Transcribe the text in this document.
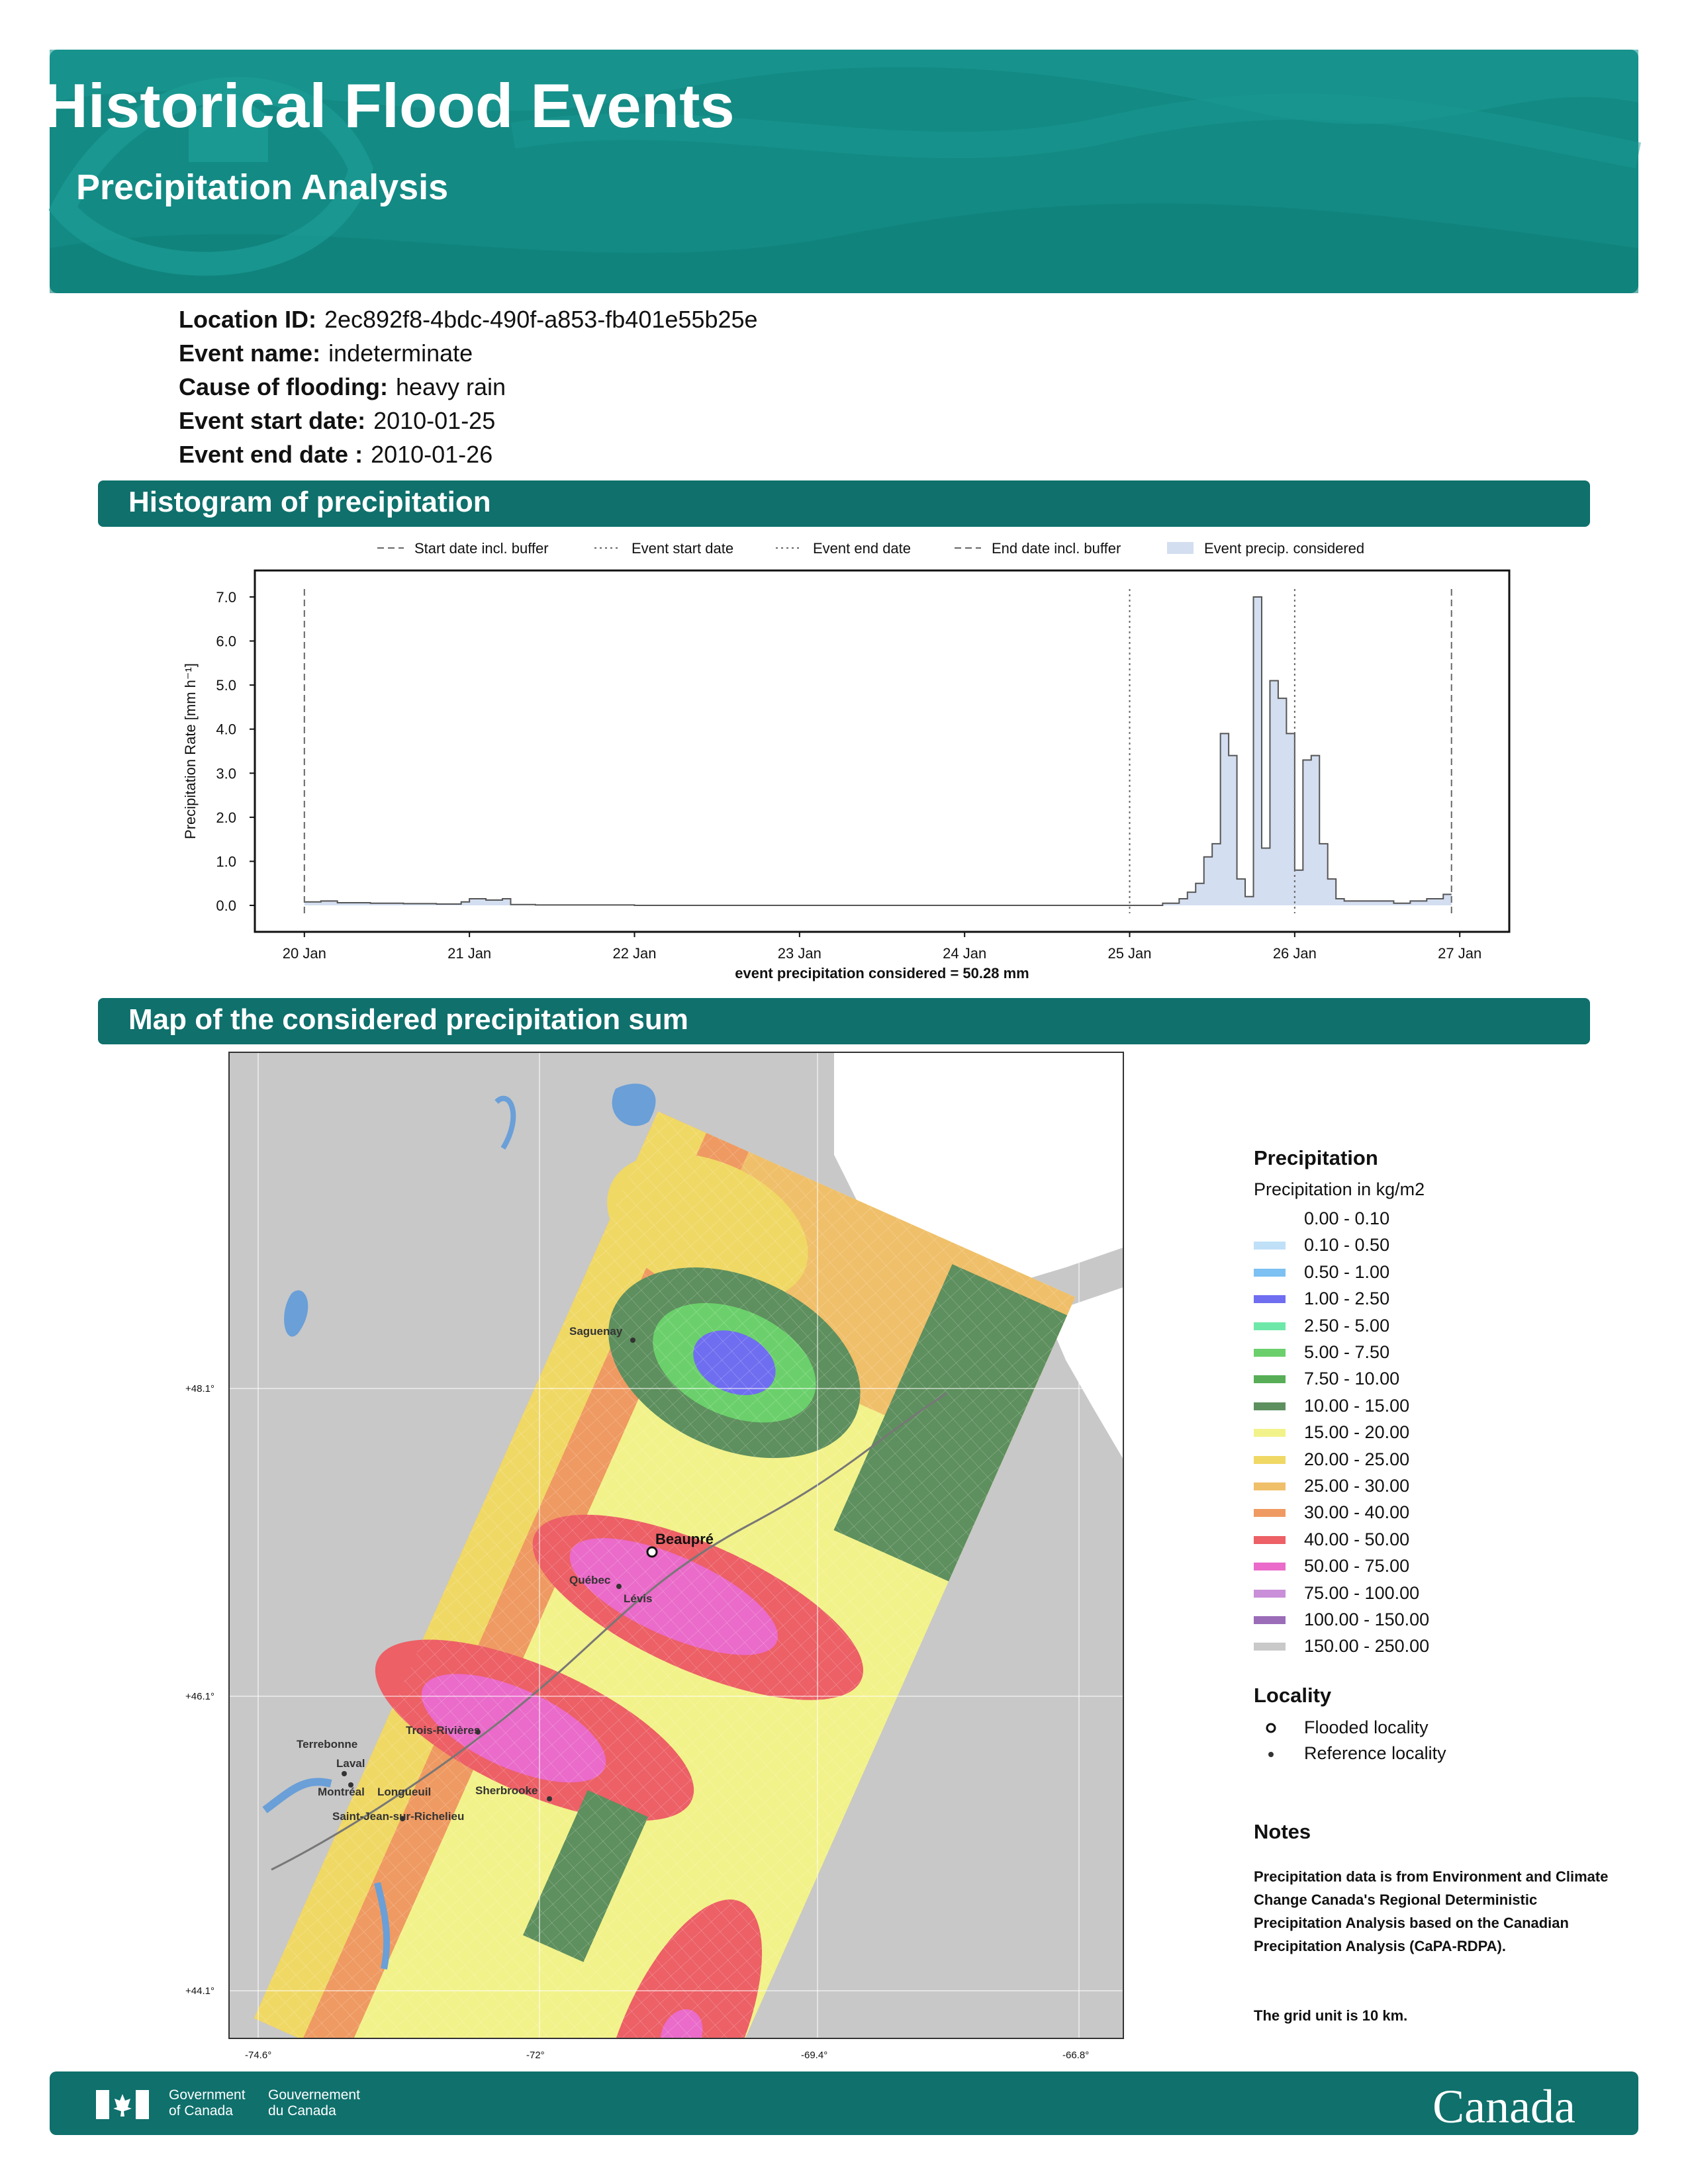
Historical Flood Events
Precipitation Analysis
Location ID: 2ec892f8-4bdc-490f-a853-fb401e55b25e
Event name: indeterminate
Cause of flooding: heavy rain
Event start date: 2010-01-25
Event end date : 2010-01-26
Histogram of precipitation
0.0
1.0
2.0
3.0
4.0
5.0
6.0
7.0
20 Jan	21 Jan	22 Jan	23 Jan	24 Jan	25 Jan	26 Jan	27 Jan
event precipitation considered = 50.28 mm
Precipitation Rate [mm h⁻¹]
Start date incl. buffer	Event start date	Event end date	End date incl. buffer	Event precip. considered
Map of the considered precipitation sum
Saguenay
Beaupré
Québec
Lévis
Trois-Rivières
Terrebonne
Laval
Montréal Longueuil	Sherbrooke
Saint-Jean-sur-Richelieu
+48.1°
+46.1°
+44.1°
-74.6°	-72°	-69.4°	-66.8°
Precipitation
Precipitation in kg/m2
0.00 - 0.10
0.10 - 0.50
0.50 - 1.00
1.00 - 2.50
2.50 - 5.00
5.00 - 7.50
7.50 - 10.00
10.00 - 15.00
15.00 - 20.00
20.00 - 25.00
25.00 - 30.00
30.00 - 40.00
40.00 - 50.00
50.00 - 75.00
75.00 - 100.00
100.00 - 150.00
150.00 - 250.00
Locality
Flooded locality
Reference locality
Notes

Precipitation data is from Environment and Climate Change Canada's Regional Deterministic Precipitation Analysis based on the Canadian Precipitation Analysis (CaPA-RDPA).

The grid unit is 10 km.

Government
of Canada
Gouvernement
du Canada	Canada
